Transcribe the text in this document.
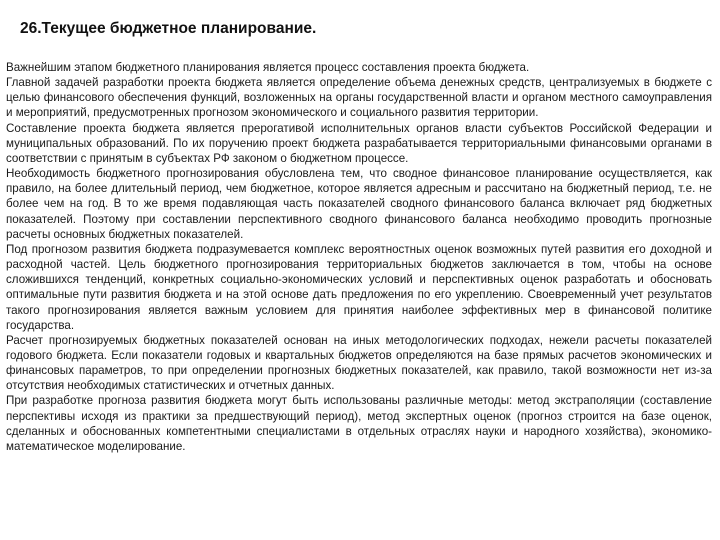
26.Текущее бюджетное планирование.

Важнейшим этапом бюджетного планирования является процесс составления проекта бюджета.

Главной задачей разработки проекта бюджета является определение объема денежных средств, централизуемых в бюджете с целью финансового обеспечения функций, возложенных на органы государственной власти и органом местного самоуправления и мероприятий, предусмотренных прогнозом экономического и социального развития территории.

Составление проекта бюджета является прерогативой исполнительных органов власти субъектов Российской Федерации и муниципальных образований. По их поручению проект бюджета разрабатывается территориальными финансовыми органами в соответствии с принятым в субъектах РФ законом о бюджетном процессе.

Необходимость бюджетного прогнозирования обусловлена тем, что сводное финансовое планирование осуществляется, как правило, на более длительный период, чем бюджетное, которое является адресным и рассчитано на бюджетный период, т.е. не более чем на год. В то же время подавляющая часть показателей сводного финансового баланса включает ряд бюджетных показателей. Поэтому при составлении перспективного сводного финансового баланса необходимо проводить прогнозные расчеты основных бюджетных показателей.

Под прогнозом развития бюджета подразумевается комплекс вероятностных оценок возможных путей развития его доходной и расходной частей. Цель бюджетного прогнозирования территориальных бюджетов заключается в том, чтобы на основе сложившихся тенденций, конкретных социально-экономических условий и перспективных оценок разработать и обосновать оптимальные пути развития бюджета и на этой основе дать предложения по его укреплению. Своевременный учет результатов такого прогнозирования является важным условием для принятия наиболее эффективных мер в финансовой политике государства.

Расчет прогнозируемых бюджетных показателей основан на иных методологических подходах, нежели расчеты показателей годового бюджета. Если показатели годовых и квартальных бюджетов определяются на базе прямых расчетов экономических и финансовых параметров, то при определении прогнозных бюджетных показателей, как правило, такой возможности нет из-за отсутствия необходимых статистических и отчетных данных.

При разработке прогноза развития бюджета могут быть использованы различные методы: метод экстраполяции (составление перспективы исходя из практики за предшествующий период), метод экспертных оценок (прогноз строится на базе оценок, сделанных и обоснованных компетентными специалистами в отдельных отраслях науки и народного хозяйства), экономико-математическое моделирование.
